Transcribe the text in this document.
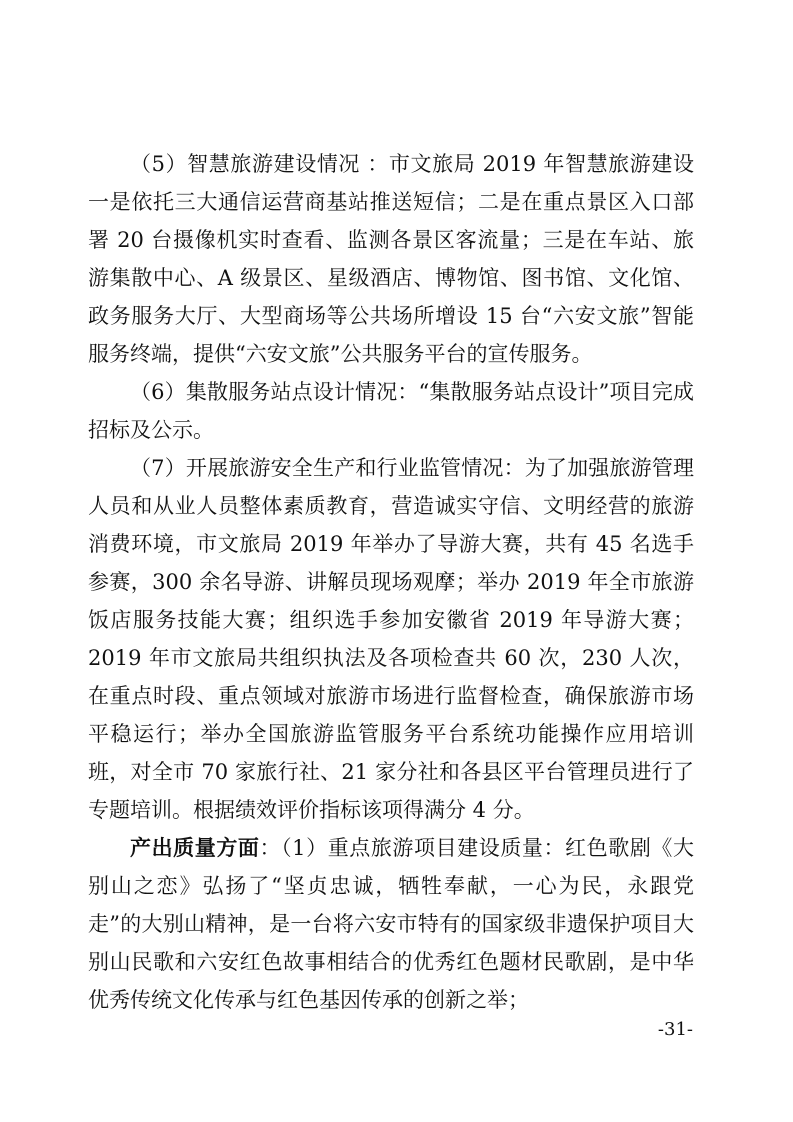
（5）智慧旅游建设情况 ：市文旅局 2019 年智慧旅游建设一是依托三大通信运营商基站推送短信；二是在重点景区入口部署 20 台摄像机实时查看、监测各景区客流量；三是在车站、旅游集散中心、A 级景区、星级酒店、博物馆、图书馆、文化馆、政务服务大厅、大型商场等公共场所增设 15 台“六安文旅”智能服务终端，提供“六安文旅”公共服务平台的宣传服务。

（6）集散服务站点设计情况：“集散服务站点设计”项目完成招标及公示。

（7）开展旅游安全生产和行业监管情况：为了加强旅游管理人员和从业人员整体素质教育，营造诚实守信、文明经营的旅游消费环境，市文旅局 2019 年举办了导游大赛，共有 45 名选手参赛，300 余名导游、讲解员现场观摩；举办 2019 年全市旅游饭店服务技能大赛；组织选手参加安徽省 2019 年导游大赛； 2019 年市文旅局共组织执法及各项检查共 60 次，230 人次，在重点时段、重点领域对旅游市场进行监督检查，确保旅游市场平稳运行；举办全国旅游监管服务平台系统功能操作应用培训班，对全市 70 家旅行社、21 家分社和各县区平台管理员进行了专题培训。根据绩效评价指标该项得满分 4 分。

产出质量方面：（1）重点旅游项目建设质量：红色歌剧《大别山之恋》弘扬了“坚贞忠诚，牺牲奉献，一心为民，永跟党走”的大别山精神，是一台将六安市特有的国家级非遗保护项目大别山民歌和六安红色故事相结合的优秀红色题材民歌剧，是中华优秀传统文化传承与红色基因传承的创新之举；

-31-
